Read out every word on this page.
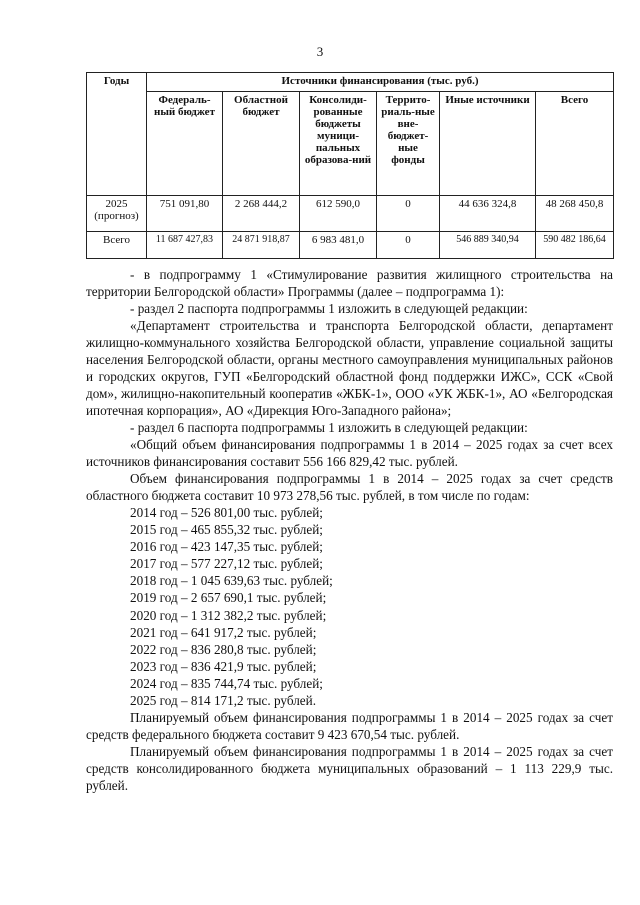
3
Годы	Источники финансирования (тыс. руб.)					
	Федераль-ный бюджет	Областной бюджет	Консолиди-рованные бюджеты муници-пальных образова-ний	Террито-риаль-ные вне-бюджет-ные фонды	Иные источники	Всего
2025 (прогноз)	751 091,80	2 268 444,2	612 590,0	0	44 636 324,8	48 268 450,8
Всего	11 687 427,83	24 871 918,87	6 983 481,0	0	546 889 340,94	590 482 186,64

- в подпрограмму 1 «Стимулирование развития жилищного строительства на территории Белгородской области» Программы (далее – подпрограмма 1):

- раздел 2 паспорта подпрограммы 1 изложить в следующей редакции:

«Департамент строительства и транспорта Белгородской области, департамент жилищно-коммунального хозяйства Белгородской области, управление социальной защиты населения Белгородской области, органы местного самоуправления муниципальных районов и городских округов, ГУП «Белгородский областной фонд поддержки ИЖС», ССК «Свой дом», жилищно-накопительный кооператив «ЖБК-1», ООО «УК ЖБК-1», АО «Белгородская ипотечная корпорация», АО «Дирекция Юго-Западного района»;

- раздел 6 паспорта подпрограммы 1 изложить в следующей редакции:

«Общий объем финансирования подпрограммы 1 в 2014 – 2025 годах за счет всех источников финансирования составит 556 166 829,42 тыс. рублей.

Объем финансирования подпрограммы 1 в 2014 – 2025 годах за счет средств областного бюджета составит 10 973 278,56 тыс. рублей, в том числе по годам:

2014 год – 526 801,00 тыс. рублей;
2015 год – 465 855,32 тыс. рублей;
2016 год – 423 147,35 тыс. рублей;
2017 год – 577 227,12 тыс. рублей;
2018 год – 1 045 639,63 тыс. рублей;
2019 год – 2 657 690,1 тыс. рублей;
2020 год – 1 312 382,2 тыс. рублей;
2021 год – 641 917,2 тыс. рублей;
2022 год – 836 280,8 тыс. рублей;
2023 год – 836 421,9 тыс. рублей;
2024 год – 835 744,74 тыс. рублей;
2025 год – 814 171,2 тыс. рублей.

Планируемый объем финансирования подпрограммы 1 в 2014 – 2025 годах за счет средств федерального бюджета составит 9 423 670,54 тыс. рублей.

Планируемый объем финансирования подпрограммы 1 в 2014 – 2025 годах за счет средств консолидированного бюджета муниципальных образований – 1 113 229,9 тыс. рублей.
